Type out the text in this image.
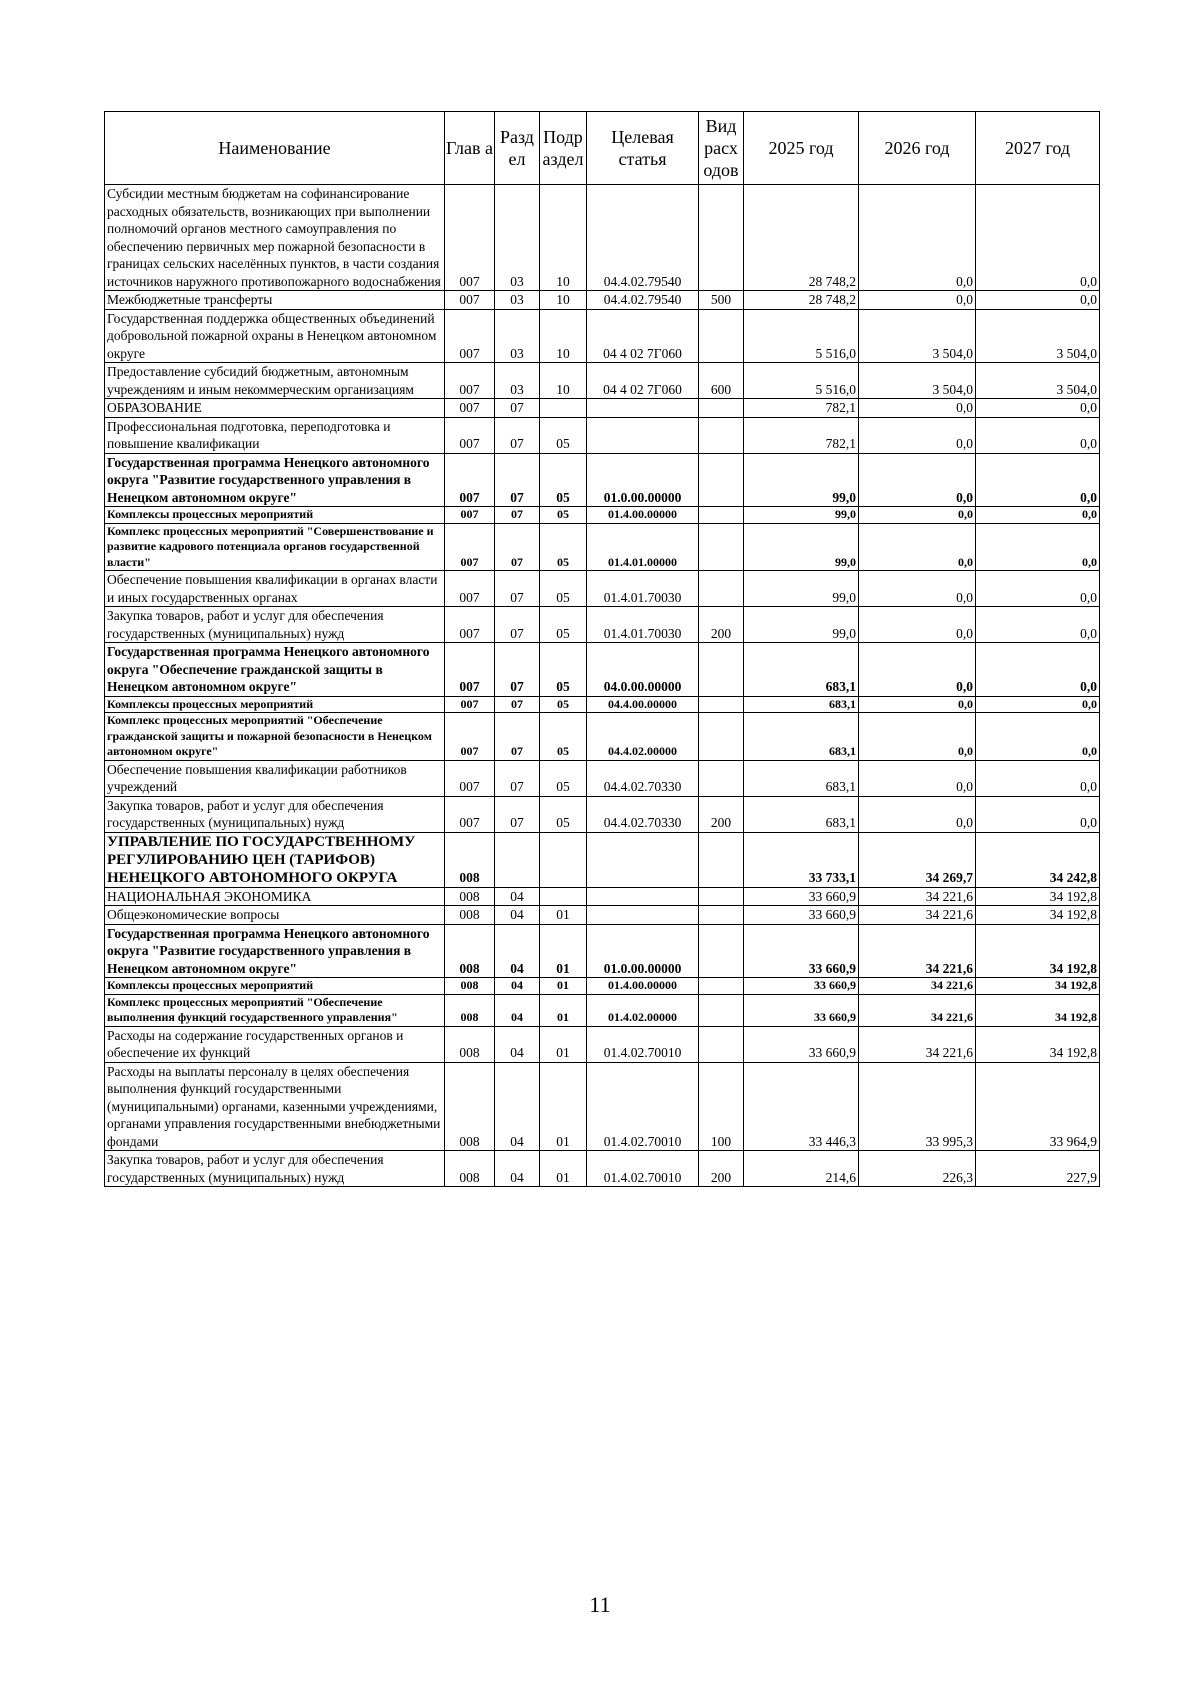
Наименование	Глав а	Разд ел	Подр аздел	Целевая статья	Вид расх одов	2025 год	2026 год	2027 год
Субсидии местным бюджетам на софинансирование расходных обязательств, возникающих при выполнении полномочий органов местного самоуправления по обеспечению первичных мер пожарной безопасности в границах сельских населённых пунктов, в части создания источников наружного противопожарного водоснабжения	007	03	10	04.4.02.79540		28 748,2	0,0	0,0
Межбюджетные трансферты	007	03	10	04.4.02.79540	500	28 748,2	0,0	0,0
Государственная поддержка общественных объединений добровольной пожарной охраны в Ненецком автономном округе	007	03	10	04 4 02 7Г060		5 516,0	3 504,0	3 504,0
Предоставление субсидий бюджетным, автономным учреждениям и иным некоммерческим организациям	007	03	10	04 4 02 7Г060	600	5 516,0	3 504,0	3 504,0
ОБРАЗОВАНИЕ	007	07				782,1	0,0	0,0
Профессиональная подготовка, переподготовка и повышение квалификации	007	07	05			782,1	0,0	0,0
Государственная программа Ненецкого автономного округа "Развитие государственного управления в Ненецком автономном округе"	007	07	05	01.0.00.00000		99,0	0,0	0,0
Комплексы процессных мероприятий	007	07	05	01.4.00.00000		99,0	0,0	0,0
Комплекс процессных мероприятий "Совершенствование и развитие кадрового потенциала органов государственной власти"	007	07	05	01.4.01.00000		99,0	0,0	0,0
Обеспечение повышения квалификации в органах власти и иных государственных органах	007	07	05	01.4.01.70030		99,0	0,0	0,0
Закупка товаров, работ и услуг для обеспечения государственных (муниципальных) нужд	007	07	05	01.4.01.70030	200	99,0	0,0	0,0
Государственная программа Ненецкого автономного округа "Обеспечение гражданской защиты в Ненецком автономном округе"	007	07	05	04.0.00.00000		683,1	0,0	0,0
Комплексы процессных мероприятий	007	07	05	04.4.00.00000		683,1	0,0	0,0
Комплекс процессных мероприятий "Обеспечение гражданской защиты и пожарной безопасности в Ненецком автономном округе"	007	07	05	04.4.02.00000		683,1	0,0	0,0
Обеспечение повышения квалификации работников учреждений	007	07	05	04.4.02.70330		683,1	0,0	0,0
Закупка товаров, работ и услуг для обеспечения государственных (муниципальных) нужд	007	07	05	04.4.02.70330	200	683,1	0,0	0,0
УПРАВЛЕНИЕ ПО ГОСУДАРСТВЕННОМУ РЕГУЛИРОВАНИЮ ЦЕН (ТАРИФОВ) НЕНЕЦКОГО АВТОНОМНОГО ОКРУГА	008					33 733,1	34 269,7	34 242,8
НАЦИОНАЛЬНАЯ ЭКОНОМИКА	008	04				33 660,9	34 221,6	34 192,8
Общеэкономические вопросы	008	04	01			33 660,9	34 221,6	34 192,8
Государственная программа Ненецкого автономного округа "Развитие государственного управления в Ненецком автономном округе"	008	04	01	01.0.00.00000		33 660,9	34 221,6	34 192,8
Комплексы процессных мероприятий	008	04	01	01.4.00.00000		33 660,9	34 221,6	34 192,8
Комплекс процессных мероприятий "Обеспечение выполнения функций государственного управления"	008	04	01	01.4.02.00000		33 660,9	34 221,6	34 192,8
Расходы на содержание государственных органов и обеспечение их функций	008	04	01	01.4.02.70010		33 660,9	34 221,6	34 192,8
Расходы на выплаты персоналу в целях обеспечения выполнения функций государственными (муниципальными) органами, казенными учреждениями, органами управления государственными внебюджетными фондами	008	04	01	01.4.02.70010	100	33 446,3	33 995,3	33 964,9
Закупка товаров, работ и услуг для обеспечения государственных (муниципальных) нужд	008	04	01	01.4.02.70010	200	214,6	226,3	227,9
11
